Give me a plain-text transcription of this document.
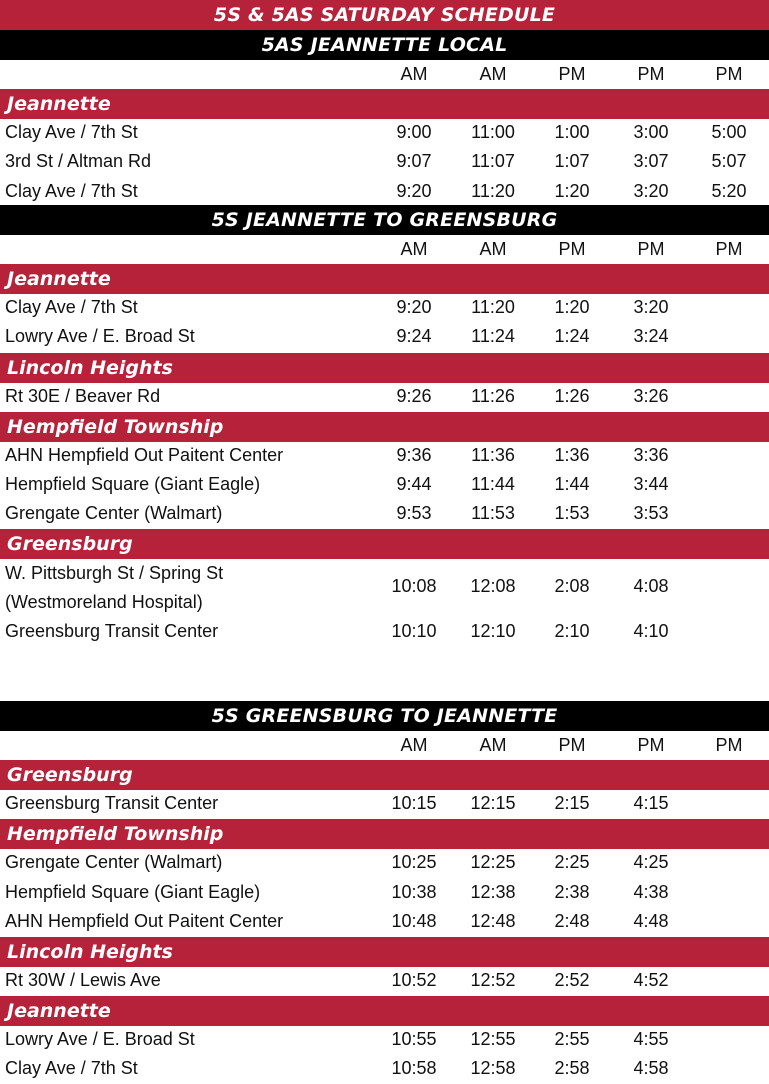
5S & 5AS SATURDAY SCHEDULE
5AS JEANNETTE LOCAL
AM	AM	PM	PM	PM
Jeannette
Clay Ave / 7th St	9:00	11:00	1:00	3:00	5:00
3rd St / Altman Rd	9:07	11:07	1:07	3:07	5:07
Clay Ave / 7th St	9:20	11:20	1:20	3:20	5:20
5S JEANNETTE TO GREENSBURG
AM	AM	PM	PM	PM
Jeannette
Clay Ave / 7th St	9:20	11:20	1:20	3:20
Lowry Ave / E. Broad St	9:24	11:24	1:24	3:24
Lincoln Heights
Rt 30E / Beaver Rd	9:26	11:26	1:26	3:26
Hempfield Township
AHN Hempfield Out Paitent Center	9:36	11:36	1:36	3:36
Hempfield Square (Giant Eagle)	9:44	11:44	1:44	3:44
Grengate Center (Walmart)	9:53	11:53	1:53	3:53
Greensburg
W. Pittsburgh St / Spring St
(Westmoreland Hospital)
10:08	12:08	2:08	4:08
Greensburg Transit Center	10:10	12:10	2:10	4:10
5S GREENSBURG TO JEANNETTE
AM	AM	PM	PM	PM
Greensburg
Greensburg Transit Center	10:15	12:15	2:15	4:15
Hempfield Township
Grengate Center (Walmart)	10:25	12:25	2:25	4:25
Hempfield Square (Giant Eagle)	10:38	12:38	2:38	4:38
AHN Hempfield Out Paitent Center	10:48	12:48	2:48	4:48
Lincoln Heights
Rt 30W / Lewis Ave	10:52	12:52	2:52	4:52
Jeannette
Lowry Ave / E. Broad St	10:55	12:55	2:55	4:55
Clay Ave / 7th St	10:58	12:58	2:58	4:58
